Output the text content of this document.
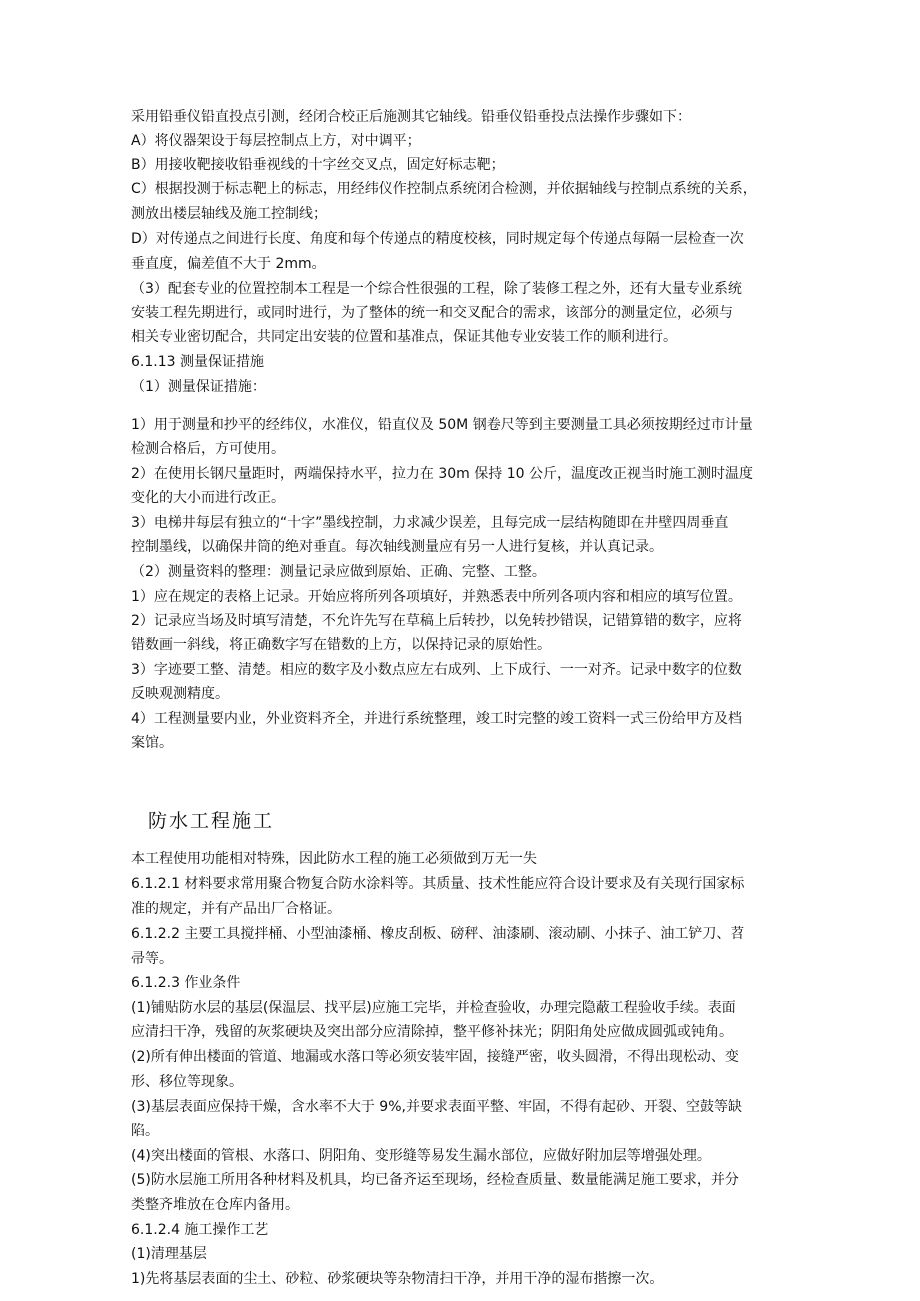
采用铅垂仪铅直投点引测，经闭合校正后施测其它轴线。铅垂仪铅垂投点法操作步骤如下：
A）将仪器架设于每层控制点上方，对中调平；
B）用接收靶接收铅垂视线的十字丝交叉点，固定好标志靶；
C）根据投测于标志靶上的标志，用经纬仪作控制点系统闭合检测，并依据轴线与控制点系统的关系，
测放出楼层轴线及施工控制线；
D）对传递点之间进行长度、角度和每个传递点的精度校核，同时规定每个传递点每隔一层检查一次
垂直度，偏差值不大于 2mm。
（3）配套专业的位置控制本工程是一个综合性很强的工程，除了装修工程之外，还有大量专业系统
安装工程先期进行，或同时进行，为了整体的统一和交叉配合的需求，该部分的测量定位，必须与
相关专业密切配合，共同定出安装的位置和基准点，保证其他专业安装工作的顺利进行。
6.1.13 测量保证措施
（1）测量保证措施：
1）用于测量和抄平的经纬仪，水准仪，铅直仪及 50M 钢卷尺等到主要测量工具必须按期经过市计量
检测合格后，方可使用。
2）在使用长钢尺量距时，两端保持水平，拉力在 30m 保持 10 公斤，温度改正视当时施工测时温度
变化的大小而进行改正。
3）电梯井每层有独立的“十字”墨线控制，力求减少误差，且每完成一层结构随即在井壁四周垂直
控制墨线，以确保井筒的绝对垂直。每次轴线测量应有另一人进行复核，并认真记录。
（2）测量资料的整理：测量记录应做到原始、正确、完整、工整。
1）应在规定的表格上记录。开始应将所列各项填好，并熟悉表中所列各项内容和相应的填写位置。
2）记录应当场及时填写清楚，不允许先写在草稿上后转抄，以免转抄错误，记错算错的数字，应将
错数画一斜线，将正确数字写在错数的上方，以保持记录的原始性。
3）字迹要工整、清楚。相应的数字及小数点应左右成列、上下成行、一一对齐。记录中数字的位数
反映观测精度。
4）工程测量要内业，外业资料齐全，并进行系统整理，竣工时完整的竣工资料一式三份给甲方及档
案馆。
防水工程施工
本工程使用功能相对特殊，因此防水工程的施工必须做到万无一失
6.1.2.1 材料要求常用聚合物复合防水涂料等。其质量、技术性能应符合设计要求及有关现行国家标
准的规定，并有产品出厂合格证。
6.1.2.2 主要工具搅拌桶、小型油漆桶、橡皮刮板、磅秤、油漆刷、滚动刷、小抹子、油工铲刀、苕
帚等。
6.1.2.3 作业条件
(1)铺贴防水层的基层(保温层、找平层)应施工完毕，并检查验收，办理完隐蔽工程验收手续。表面
应清扫干净，残留的灰浆硬块及突出部分应清除掉，整平修补抹光；阴阳角处应做成圆弧或钝角。
(2)所有伸出楼面的管道、地漏或水落口等必须安装牢固，接缝严密，收头圆滑，不得出现松动、变
形、移位等现象。
(3)基层表面应保持干燥，含水率不大于 9%,并要求表面平整、牢固，不得有起砂、开裂、空鼓等缺
陷。
(4)突出楼面的管根、水落口、阴阳角、变形缝等易发生漏水部位，应做好附加层等增强处理。
(5)防水层施工所用各种材料及机具，均已备齐运至现场，经检查质量、数量能满足施工要求，并分
类整齐堆放在仓库内备用。
6.1.2.4 施工操作工艺
(1)清理基层
1)先将基层表面的尘土、砂粒、砂浆硬块等杂物清扫干净，并用干净的湿布揩擦一次。
